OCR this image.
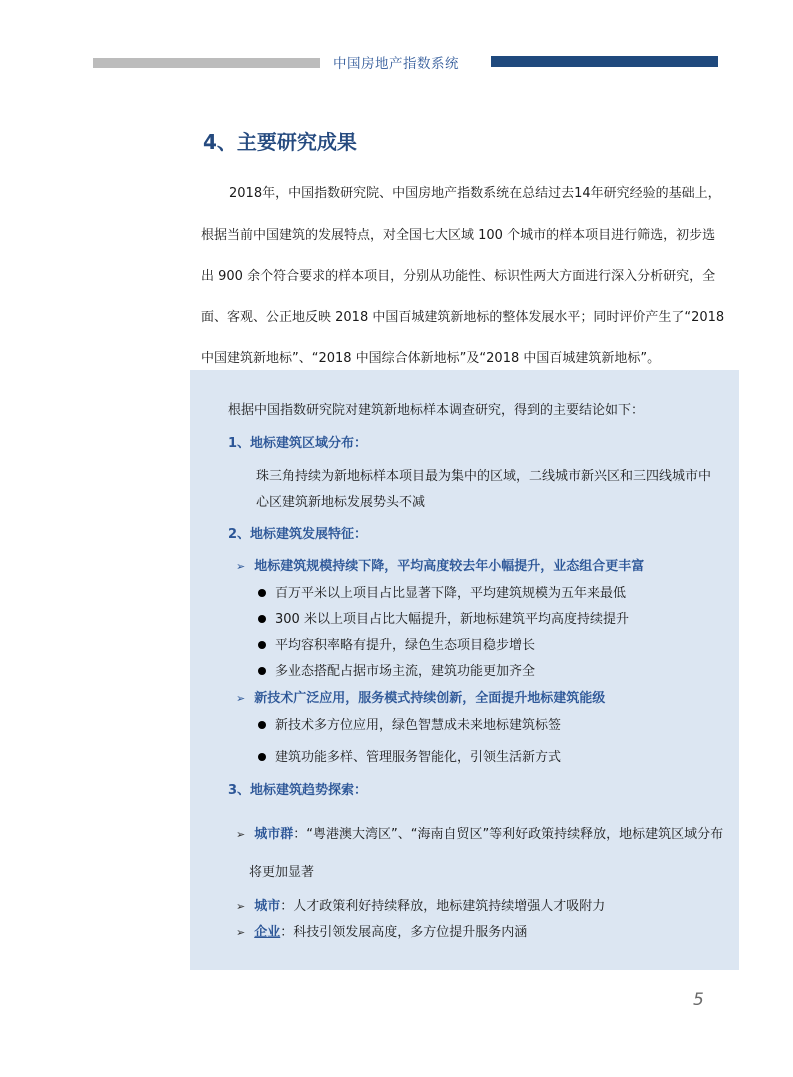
中国房地产指数系统
4、主要研究成果
2018年，中国指数研究院、中国房地产指数系统在总结过去14年研究经验的基础上，
根据当前中国建筑的发展特点，对全国七大区域 100 个城市的样本项目进行筛选，初步选
出 900 余个符合要求的样本项目，分别从功能性、标识性两大方面进行深入分析研究，全
面、客观、公正地反映 2018 中国百城建筑新地标的整体发展水平；同时评价产生了“2018
中国建筑新地标”、“2018 中国综合体新地标”及“2018 中国百城建筑新地标”。
根据中国指数研究院对建筑新地标样本调查研究，得到的主要结论如下：
1、地标建筑区域分布：
珠三角持续为新地标样本项目最为集中的区域，二线城市新兴区和三四线城市中
心区建筑新地标发展势头不减
2、地标建筑发展特征：
➢ 地标建筑规模持续下降，平均高度较去年小幅提升，业态组合更丰富
百万平米以上项目占比显著下降，平均建筑规模为五年来最低
300 米以上项目占比大幅提升，新地标建筑平均高度持续提升
平均容积率略有提升，绿色生态项目稳步增长
多业态搭配占据市场主流，建筑功能更加齐全
➢ 新技术广泛应用，服务模式持续创新，全面提升地标建筑能级
新技术多方位应用，绿色智慧成未来地标建筑标签
建筑功能多样、管理服务智能化，引领生活新方式
3、地标建筑趋势探索：
➢ 城市群：“粤港澳大湾区”、“海南自贸区”等利好政策持续释放，地标建筑区域分布
将更加显著
➢ 城市：人才政策利好持续释放，地标建筑持续增强人才吸附力
➢ 企业：科技引领发展高度，多方位提升服务内涵
5
